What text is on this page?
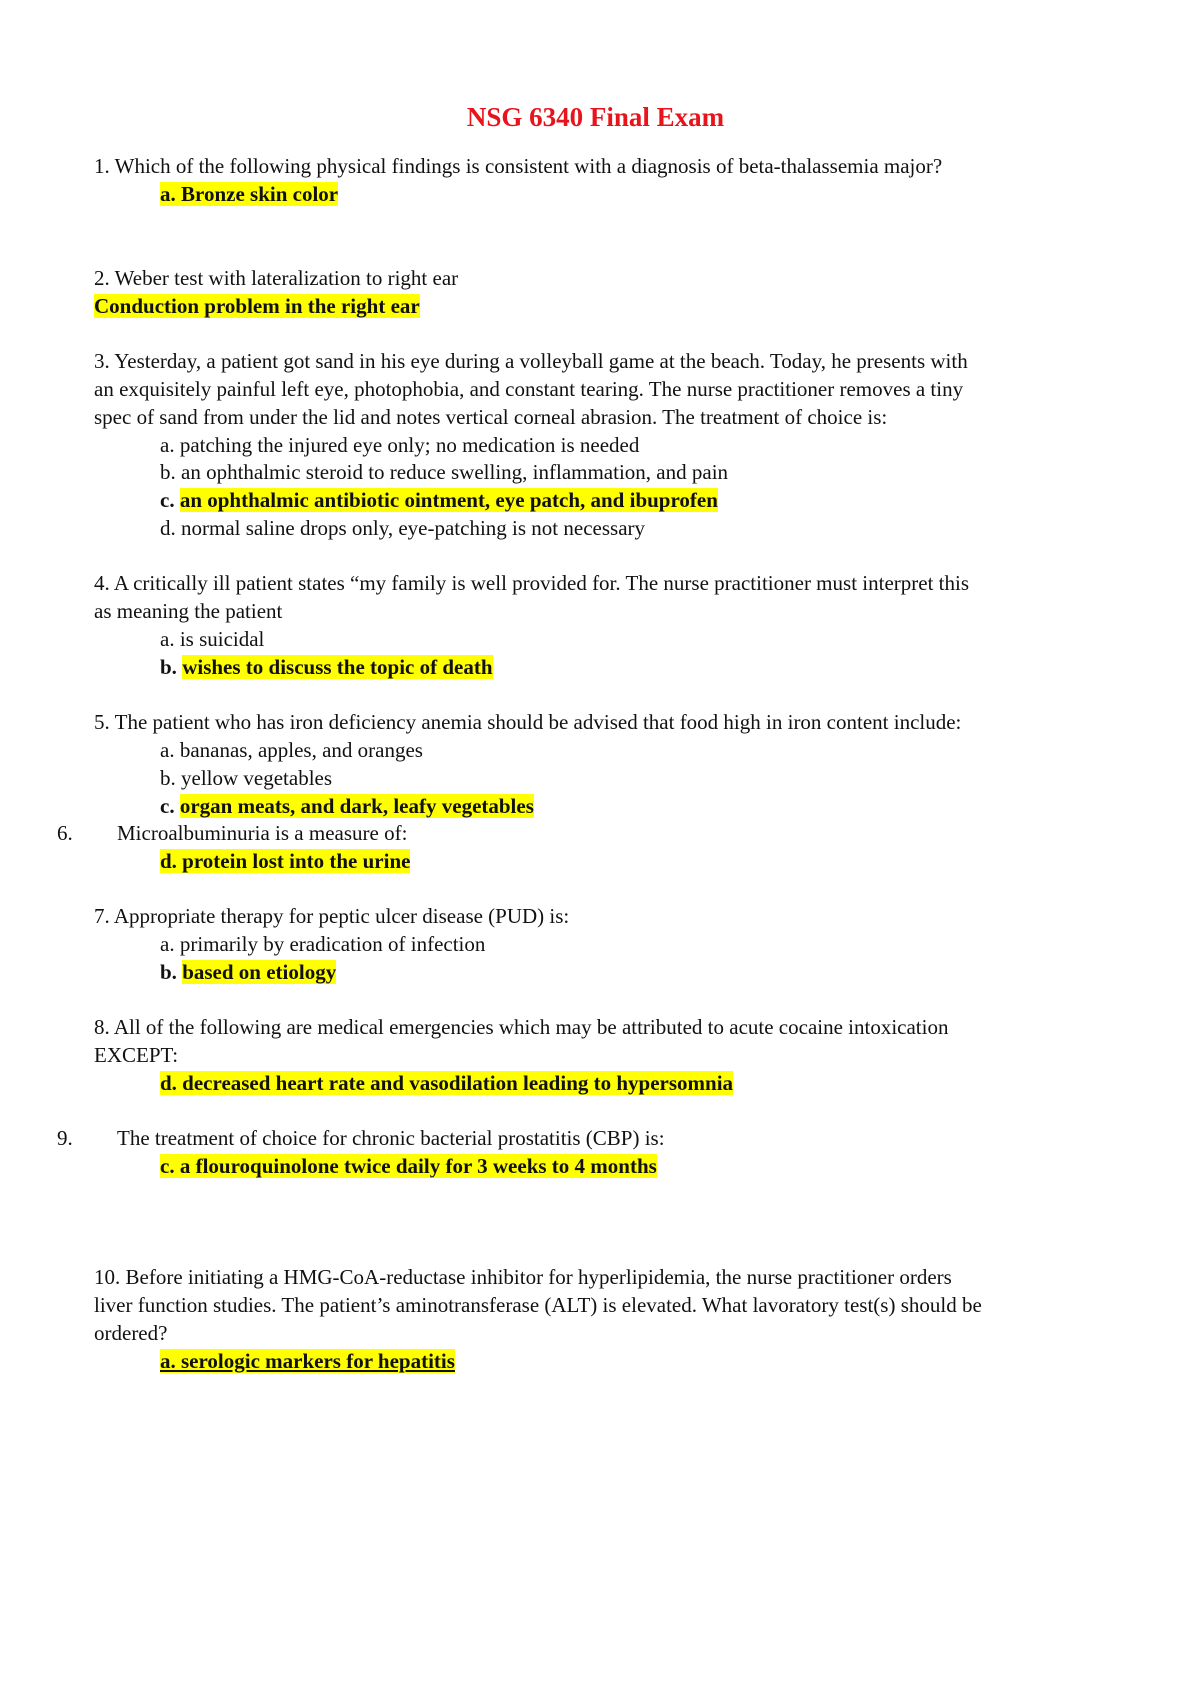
NSG 6340 Final Exam
1. Which of the following physical findings is consistent with a diagnosis of beta-thalassemia major?
a. Bronze skin color
2. Weber test with lateralization to right ear
Conduction problem in the right ear
3. Yesterday, a patient got sand in his eye during a volleyball game at the beach. Today, he presents with
an exquisitely painful left eye, photophobia, and constant tearing. The nurse practitioner removes a tiny
spec of sand from under the lid and notes vertical corneal abrasion. The treatment of choice is:
a. patching the injured eye only; no medication is needed
b. an ophthalmic steroid to reduce swelling, inflammation, and pain
c. an ophthalmic antibiotic ointment, eye patch, and ibuprofen
d. normal saline drops only, eye-patching is not necessary
4. A critically ill patient states “my family is well provided for. The nurse practitioner must interpret this
as meaning the patient
a. is suicidal
b. wishes to discuss the topic of death
5. The patient who has iron deficiency anemia should be advised that food high in iron content include:
a. bananas, apples, and oranges
b. yellow vegetables
c. organ meats, and dark, leafy vegetables
6. Microalbuminuria is a measure of:
d. protein lost into the urine
7. Appropriate therapy for peptic ulcer disease (PUD) is:
a. primarily by eradication of infection
b. based on etiology
8. All of the following are medical emergencies which may be attributed to acute cocaine intoxication
EXCEPT:
d. decreased heart rate and vasodilation leading to hypersomnia
9. The treatment of choice for chronic bacterial prostatitis (CBP) is:
c. a flouroquinolone twice daily for 3 weeks to 4 months
10. Before initiating a HMG-CoA-reductase inhibitor for hyperlipidemia, the nurse practitioner orders
liver function studies. The patient’s aminotransferase (ALT) is elevated. What lavoratory test(s) should be
ordered?
a. serologic markers for hepatitis
